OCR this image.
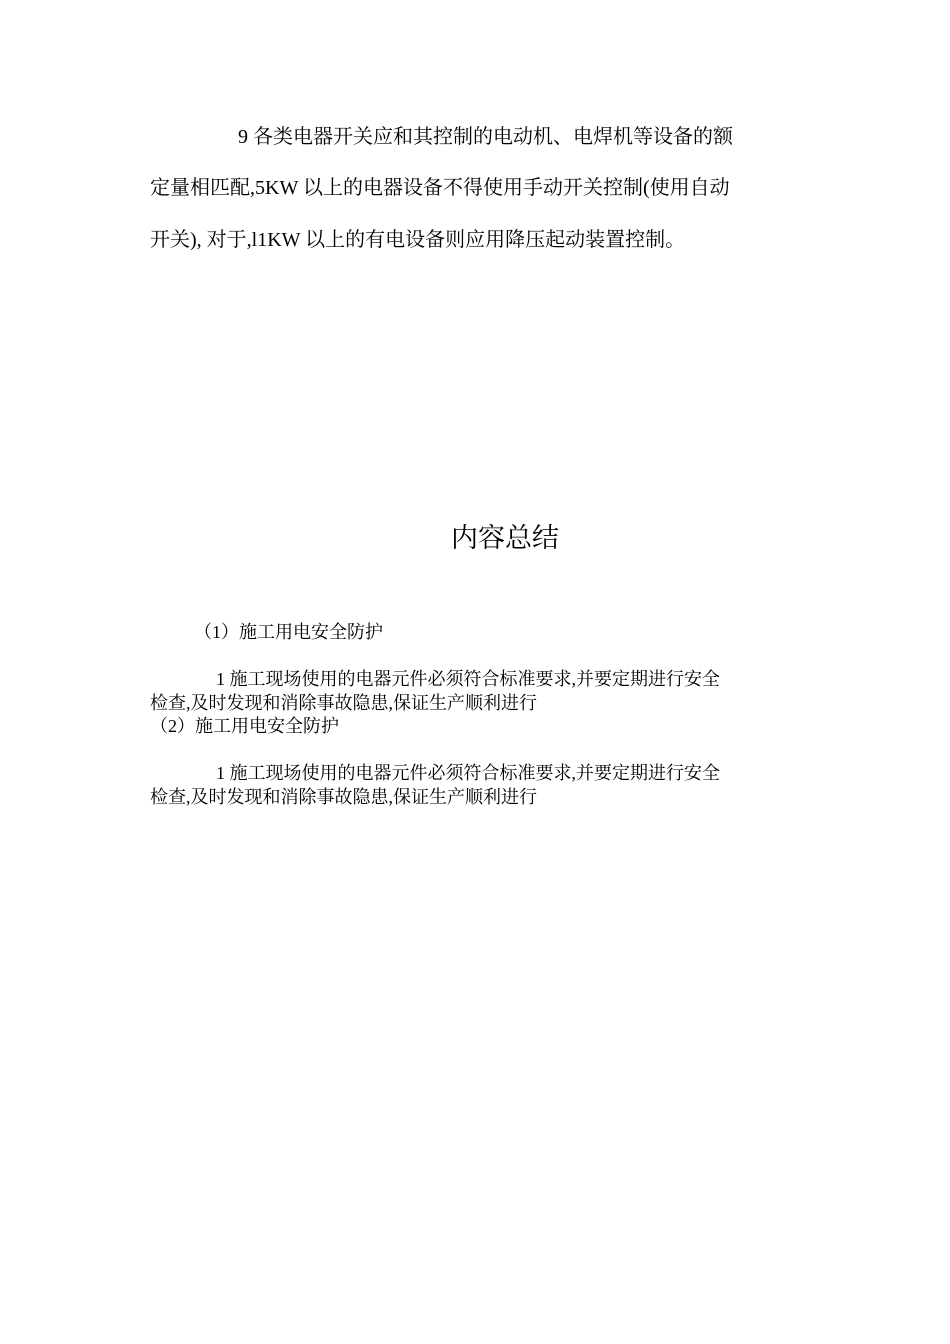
9 各类电器开关应和其控制的电动机、电焊机等设备的额
定量相匹配,5KW 以上的电器设备不得使用手动开关控制(使用自动
开关), 对于,l1KW 以上的有电设备则应用降压起动装置控制。
内容总结
（1）施工用电安全防护
1 施工现场使用的电器元件必须符合标准要求,并要定期进行安全
检查,及时发现和消除事故隐患,保证生产顺利进行
（2）施工用电安全防护
1 施工现场使用的电器元件必须符合标准要求,并要定期进行安全
检查,及时发现和消除事故隐患,保证生产顺利进行
